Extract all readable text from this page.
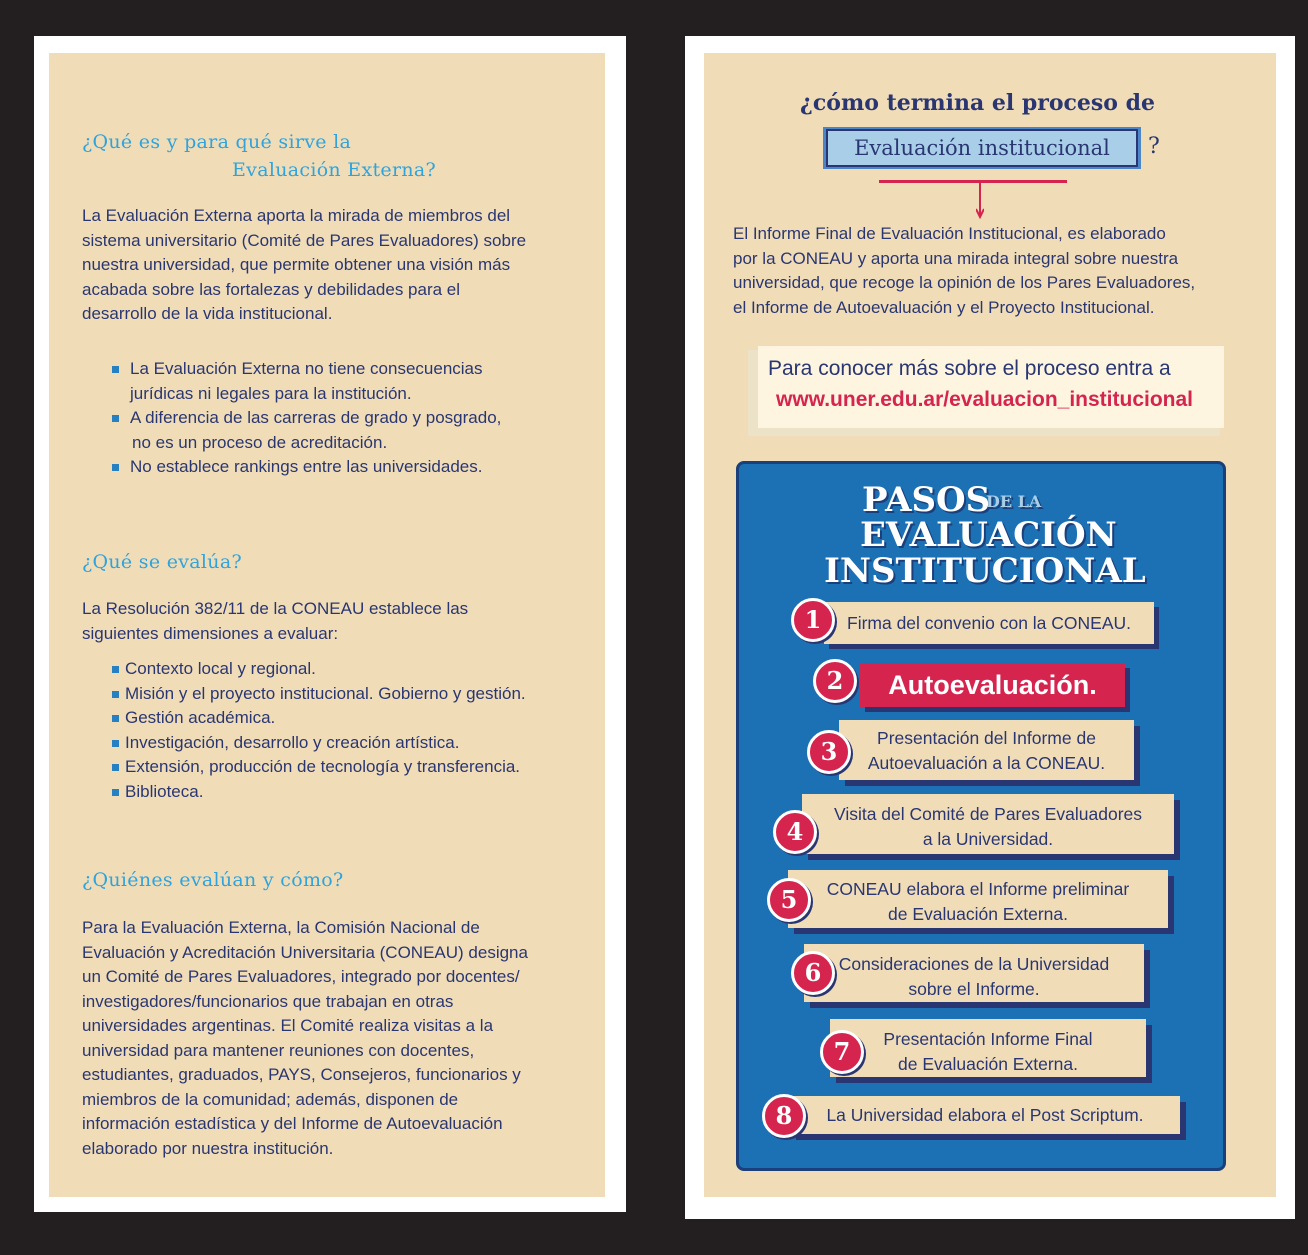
¿Qué es y para qué sirve la
Evaluación Externa?
La Evaluación Externa aporta la mirada de miembros del
sistema universitario (Comité de Pares Evaluadores) sobre
nuestra universidad, que permite obtener una visión más
acabada sobre las fortalezas y debilidades para el
desarrollo de la vida institucional.
La Evaluación Externa no tiene consecuencias
jurídicas ni legales para la institución.
A diferencia de las carreras de grado y posgrado,
no es un proceso de acreditación.
No establece rankings entre las universidades.
¿Qué se evalúa?
La Resolución 382/11 de la CONEAU establece las
siguientes dimensiones a evaluar:
Contexto local y regional.
Misión y el proyecto institucional. Gobierno y gestión.
Gestión académica.
Investigación, desarrollo y creación artística.
Extensión, producción de tecnología y transferencia.
Biblioteca.
¿Quiénes evalúan y cómo?
Para la Evaluación Externa, la Comisión Nacional de
Evaluación y Acreditación Universitaria (CONEAU) designa
un Comité de Pares Evaluadores, integrado por docentes/
investigadores/funcionarios que trabajan en otras
universidades argentinas. El Comité realiza visitas a la
universidad para mantener reuniones con docentes,
estudiantes, graduados, PAYS, Consejeros, funcionarios y
miembros de la comunidad; además, disponen de
información estadística y del Informe de Autoevaluación
elaborado por nuestra institución.
¿cómo termina el proceso de
Evaluación institucional	?
El Informe Final de Evaluación Institucional, es elaborado
por la CONEAU y aporta una mirada integral sobre nuestra
universidad, que recoge la opinión de los Pares Evaluadores,
el Informe de Autoevaluación y el Proyecto Institucional.

Para conocer más sobre el proceso entra a

www.uner.edu.ar/evaluacion_institucional

PASOS
DE LA
EVALUACIÓN
INSTITUCIONAL
Firma del convenio con la CONEAU.
1
Autoevaluación.
2
Presentación del Informe de
Autoevaluación a la CONEAU.
3
Visita del Comité de Pares Evaluadores
a la Universidad.
4
CONEAU elabora el Informe preliminar
de Evaluación Externa.
5
Consideraciones de la Universidad
sobre el Informe.
6
Presentación Informe Final
de Evaluación Externa.
7
La Universidad elabora el Post Scriptum.
8
